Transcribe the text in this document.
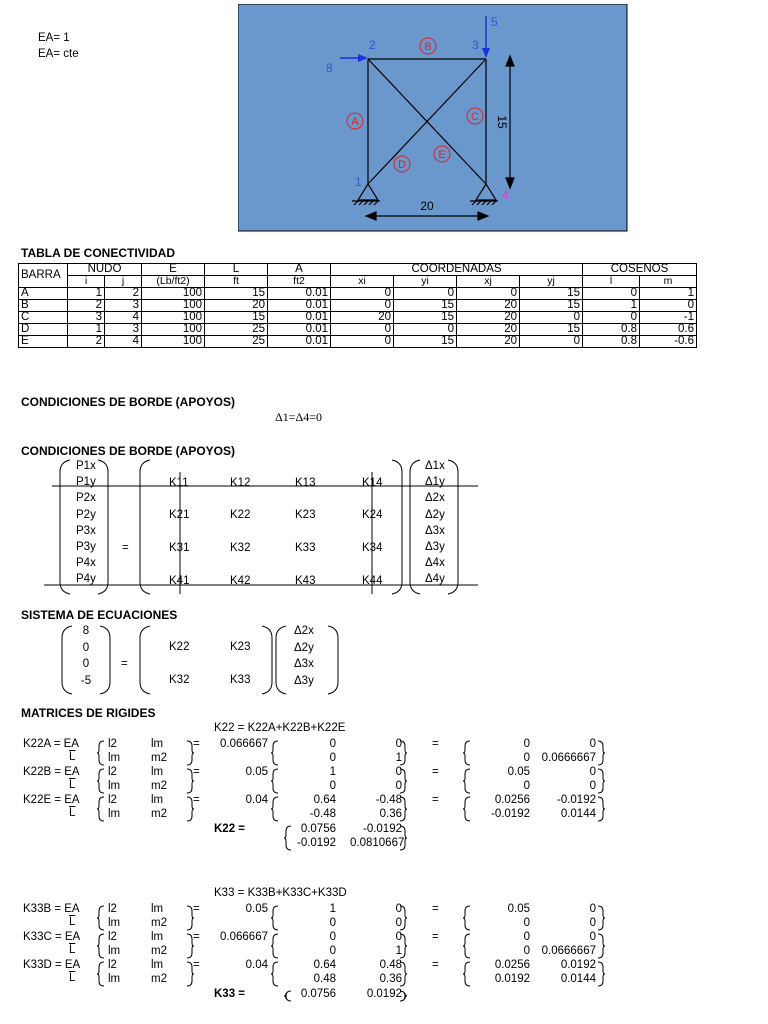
EA= 1
EA= cte
A
B
C
D
E
1
2	3
8
5
4
20
15
TABLA DE CONECTIVIDAD
BARRA	NUDO		E	L	A	COORDENADAS				COSENOS	
	i	j	(Lb/ft2)	ft	ft2	xi	yi	xj	yj	l	m
A	1	2	100	15	0.01	0	0	0	15	0	1
B	2	3	100	20	0.01	0	15	20	15	1	0
C	3	4	100	15	0.01	20	15	20	0	0	-1
D	1	3	100	25	0.01	0	0	20	15	0.8	0.6
E	2	4	100	25	0.01	0	15	20	0	0.8	-0.6
CONDICIONES DE BORDE (APOYOS)
Δ1=Δ4=0
CONDICIONES DE BORDE (APOYOS)
P1x	Δ1x
P1y	Δ1y
P2x	Δ2x
P2y	Δ2y
P3x	Δ3x
P3y	Δ3y
P4x	Δ4x
P4y	Δ4y
=
K11	K12	K13	K14
K21	K22	K23	K24
K31	K32	K33	K34
K41	K42	K43	K44
SISTEMA DE ECUACIONES
8	Δ2x
0	Δ2y
0	Δ3x
-5	Δ3y
=
K22	K23
K32	K33
MATRICES DE RIGIDES
K22 = K22A+K22B+K22E
K22A = EA
$\overline{L}$
l2	lm
lm	m2
=	0.066667	0	0
0	1
=	0	0
0	0.0666667
K22B = EA
$\overline{L}$
l2	lm
lm	m2
=	0.05	1	0
0	0
=	0.05	0
0	0
K22E = EA
$\overline{L}$
l2	lm
lm	m2
=	0.04	0.64	-0.48
-0.48	0.36
=	0.0256	-0.0192
-0.0192	0.0144
K22 =	0.0756	-0.0192
-0.0192 0.0810667
K33 = K33B+K33C+K33D
K33B = EA
$\overline{L}$
l2	lm
lm	m2
=	0.05	1	0
0	0
=	0.05	0
0	0
K33C = EA
$\overline{L}$
l2	lm
lm	m2
=	0.066667	0	0
0	1
=	0	0
0	0.0666667
K33D = EA
$\overline{L}$
l2	lm
lm	m2
=	0.04	0.64	0.48
0.48	0.36
=	0.0256	0.0192
0.0192	0.0144
K33 =	0.0756	0.0192
